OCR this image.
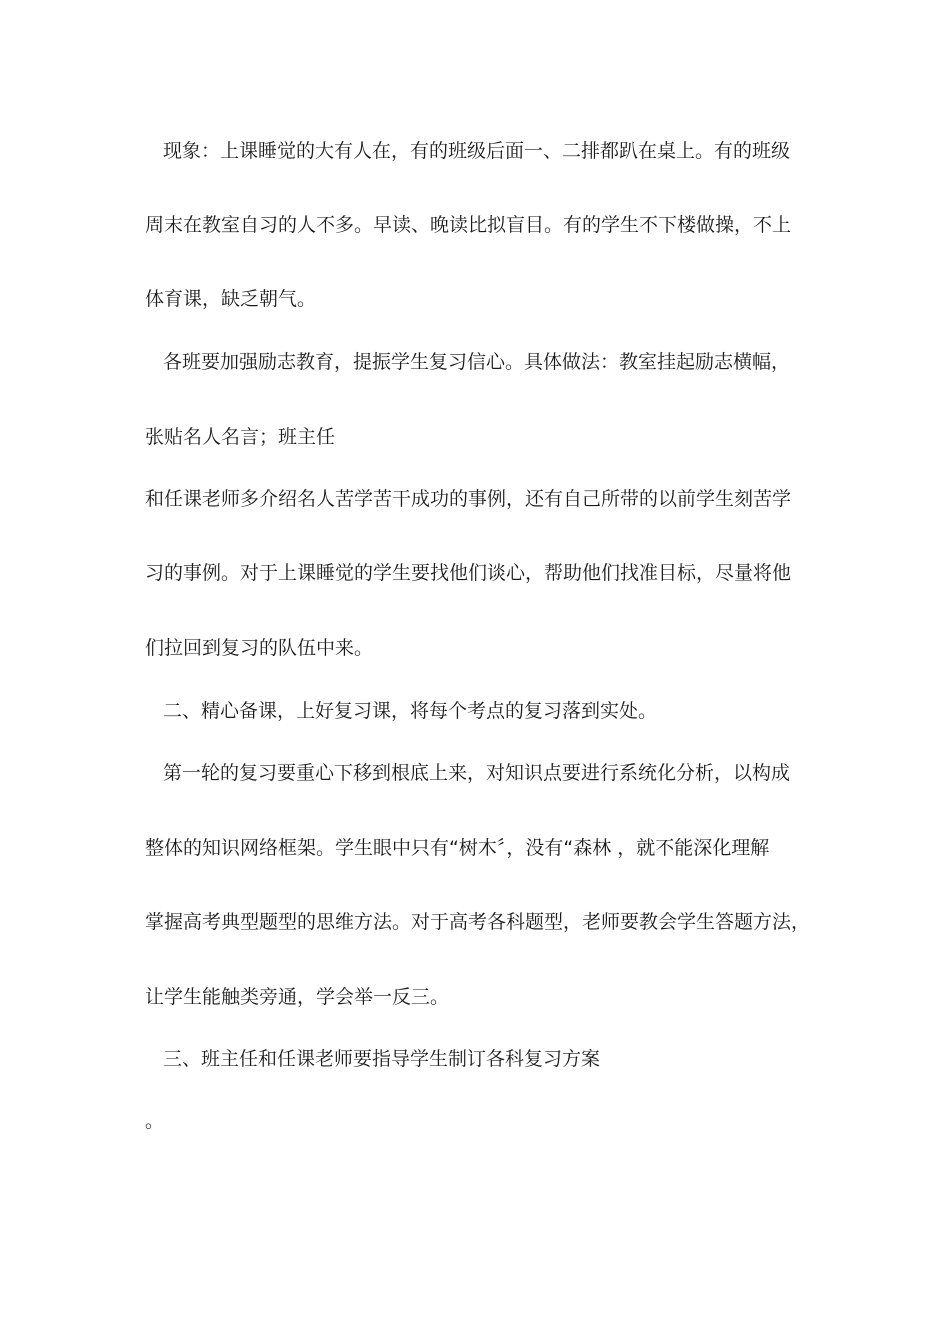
现象：上课睡觉的大有人在，有的班级后面一、二排都趴在桌上。有的班级
周末在教室自习的人不多。早读、晚读比拟盲目。有的学生不下楼做操，不上
体育课，缺乏朝气。
各班要加强励志教育，提振学生复习信心。具体做法：教室挂起励志横幅，
张贴名人名言；班主任
和任课老师多介绍名人苦学苦干成功的事例，还有自己所带的以前学生刻苦学
习的事例。对于上课睡觉的学生要找他们谈心，帮助他们找准目标，尽量将他
们拉回到复习的队伍中来。
二、精心备课，上好复习课，将每个考点的复习落到实处。
第一轮的复习要重心下移到根底上来，对知识点要进行系统化分析，以构成
整体的知识网络框架。学生眼中只有“树木〞，没有“森林 ，就不能深化理解
掌握高考典型题型的思维方法。对于高考各科题型，老师要教会学生答题方法，
让学生能触类旁通，学会举一反三。
三、班主任和任课老师要指导学生制订各科复习方案
。
